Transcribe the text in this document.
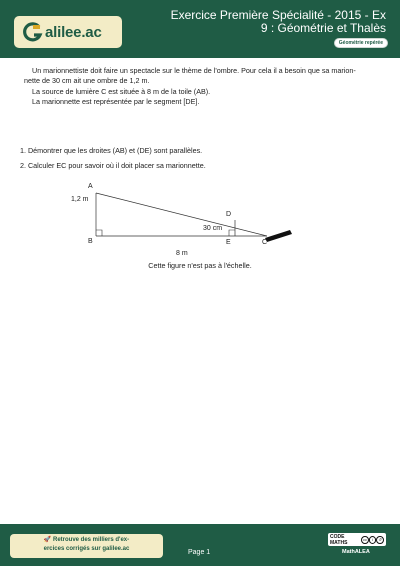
alilee.ac
Exercice Première Spécialité - 2015 - Ex
9 : Géométrie et Thalès
Géométrie repérée

Un marionnettiste doit faire un spectacle sur le thème de l'ombre. Pour cela il a besoin que sa marion-

nette de 30 cm ait une ombre de 1,2 m.

La source de lumière C est située à 8 m de la toile (AB).

La marionnette est représentée par le segment [DE].

1. Démontrer que les droites (AB) et (DE) sont parallèles.
2. Calculer EC pour savoir où il doit placer sa marionnette.
A
B	C
D
E
1,2 m
30 cm
8 m
Cette figure n'est pas à l'échelle.
🚀 Retrouve des milliers d'ex-
ercices corrigés sur galilee.ac	Page 1
CODE MATHS	cc	i	↺
MathALEA
